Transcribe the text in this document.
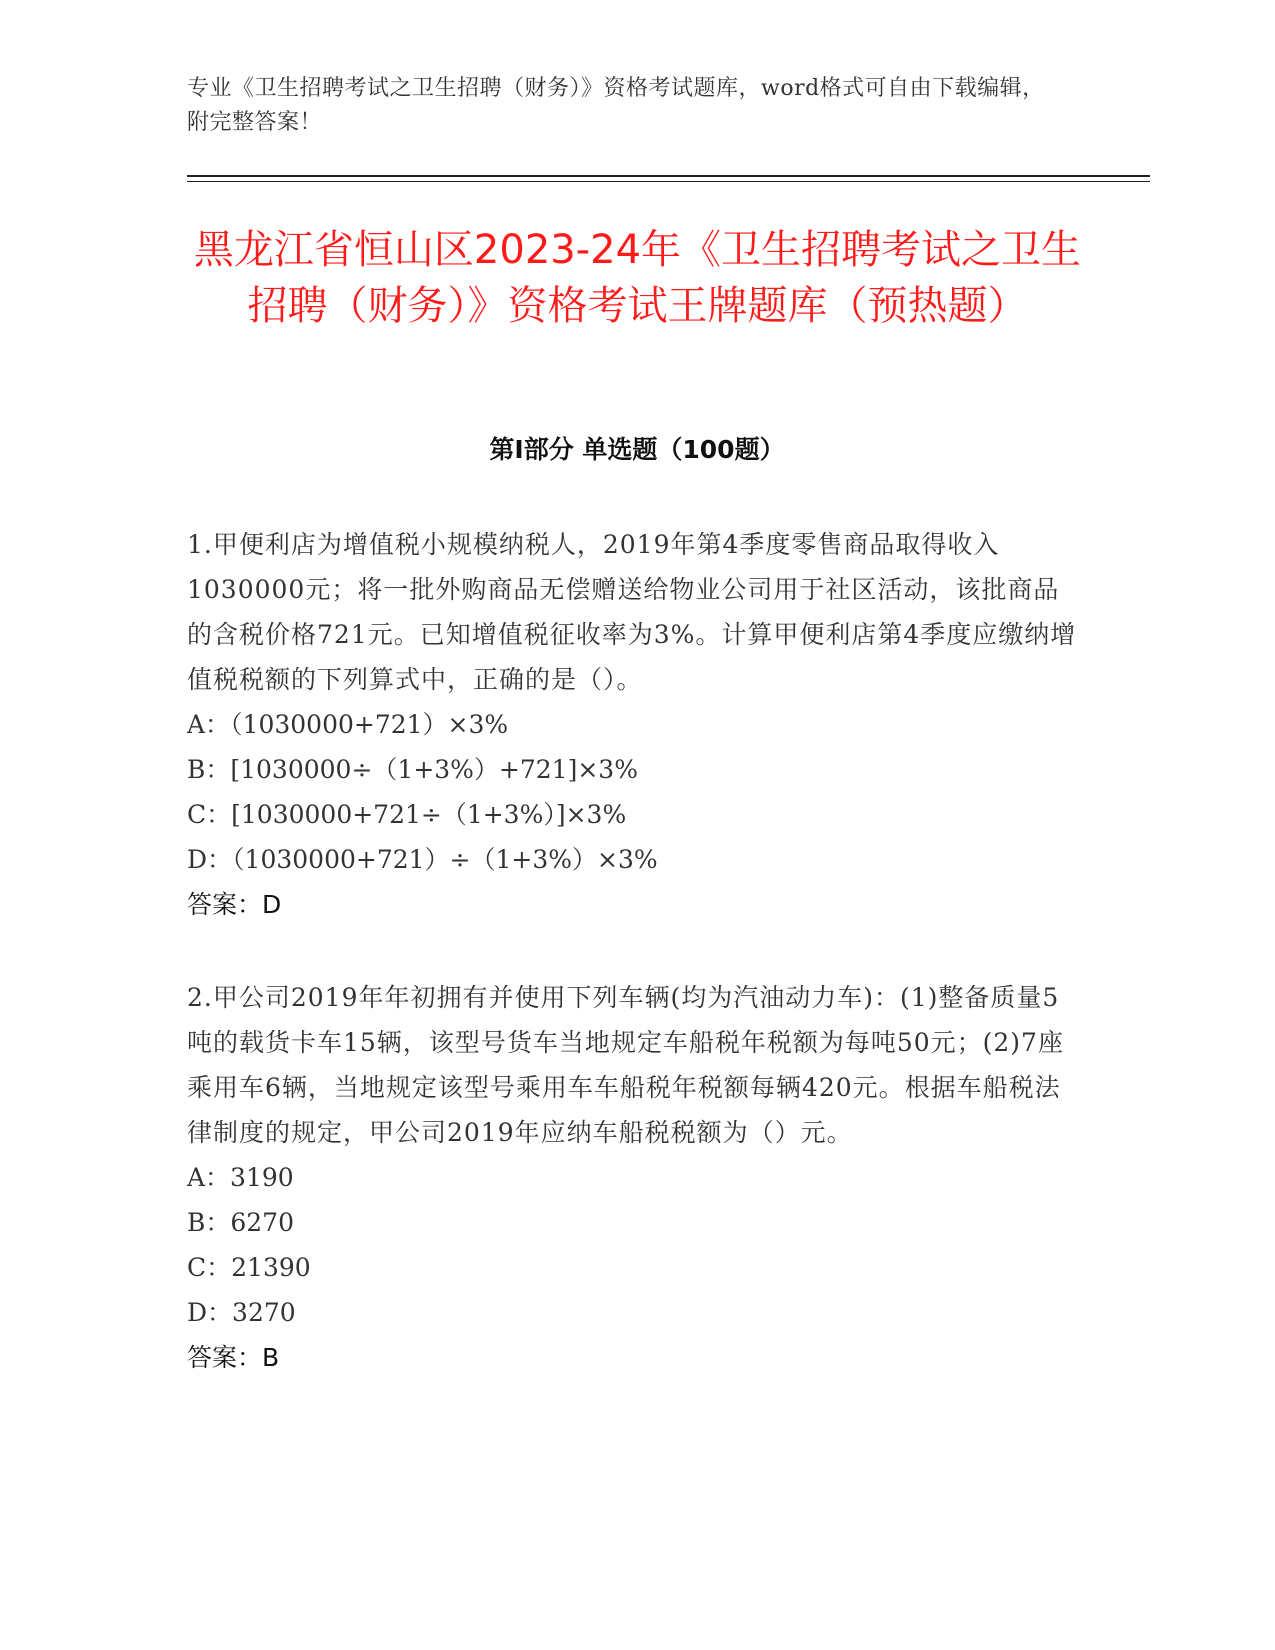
专业《卫生招聘考试之卫生招聘（财务）》资格考试题库，word格式可自由下载编辑，附完整答案！
黑龙江省恒山区2023-24年《卫生招聘考试之卫生招聘（财务）》资格考试王牌题库（预热题）
第Ⅰ部分 单选题（100题）

1.甲便利店为增值税小规模纳税人，2019年第4季度零售商品取得收入1030000元；将一批外购商品无偿赠送给物业公司用于社区活动，该批商品的含税价格721元。已知增值税征收率为3%。计算甲便利店第4季度应缴纳增值税税额的下列算式中，正确的是（）。

A：（1030000+721）×3%

B：[1030000÷（1+3%）+721]×3%

C：[1030000+721÷（1+3%）]×3%

D：（1030000+721）÷（1+3%）×3%

答案：D

2.甲公司2019年年初拥有并使用下列车辆(均为汽油动力车)：(1)整备质量5吨的载货卡车15辆，该型号货车当地规定车船税年税额为每吨50元；(2)7座乘用车6辆，当地规定该型号乘用车车船税年税额每辆420元。根据车船税法律制度的规定，甲公司2019年应纳车船税税额为（）元。

A：3190

B：6270

C：21390

D：3270

答案：B
